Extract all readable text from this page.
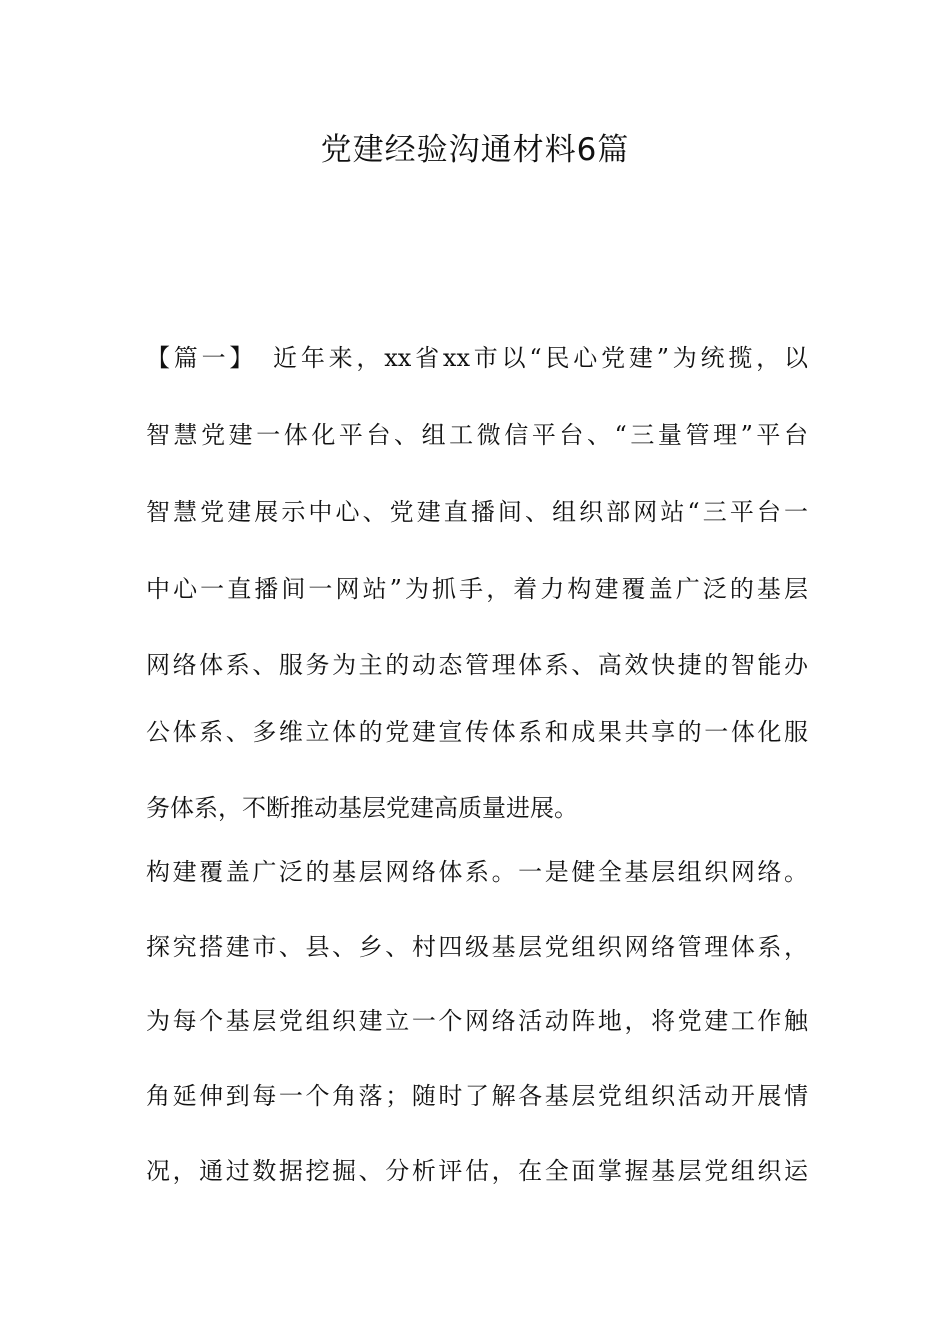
党建经验沟通材料6篇
【篇一】　近年来，xx省xx市以“民心党建”为统揽，以
智慧党建一体化平台、组工微信平台、“三量管理”平台
智慧党建展示中心、党建直播间、组织部网站“三平台一
中心一直播间一网站”为抓手，着力构建覆盖广泛的基层
网络体系、服务为主的动态管理体系、高效快捷的智能办
公体系、多维立体的党建宣传体系和成果共享的一体化服
务体系，不断推动基层党建高质量进展。
构建覆盖广泛的基层网络体系。一是健全基层组织网络。
探究搭建市、县、乡、村四级基层党组织网络管理体系，
为每个基层党组织建立一个网络活动阵地，将党建工作触
角延伸到每一个角落；随时了解各基层党组织活动开展情
况，通过数据挖掘、分析评估，在全面掌握基层党组织运
